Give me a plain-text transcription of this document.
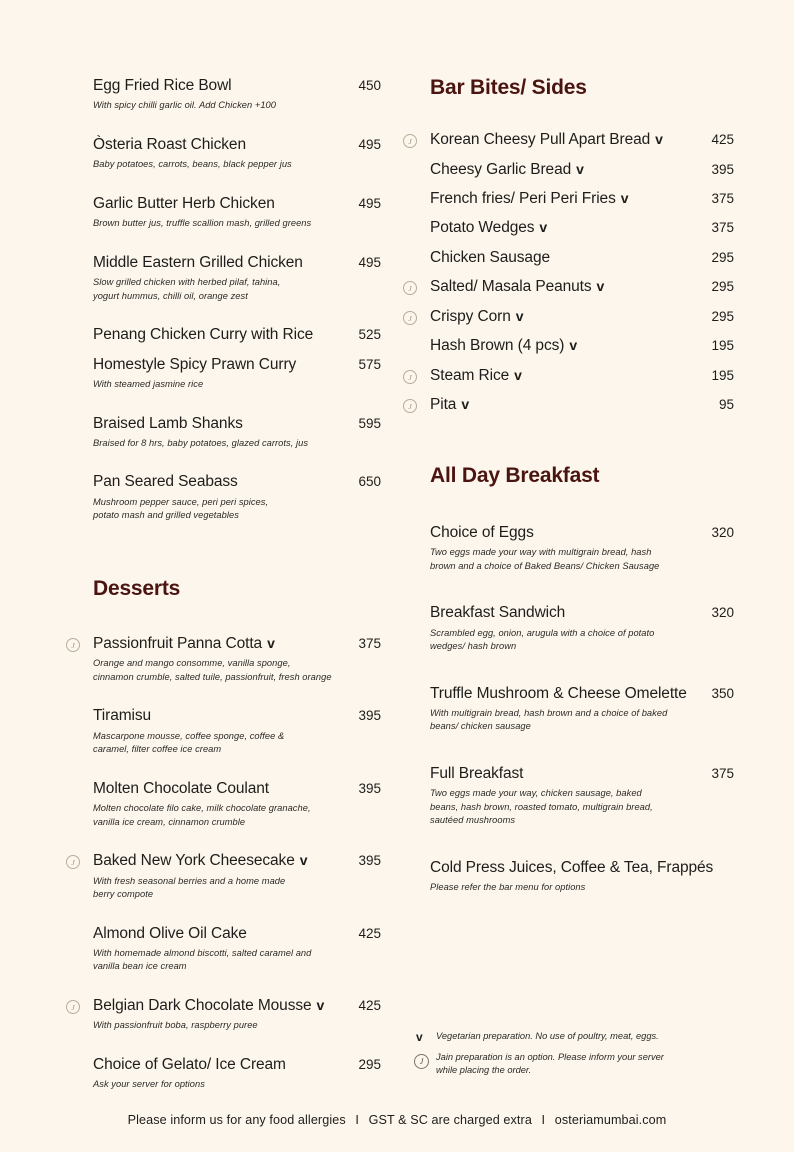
Egg Fried Rice Bowl	450
With spicy chilli garlic oil. Add Chicken +100
Òsteria Roast Chicken	495
Baby potatoes, carrots, beans, black pepper jus
Garlic Butter Herb Chicken	495
Brown butter jus, truffle scallion mash, grilled greens
Middle Eastern Grilled Chicken	495
Slow grilled chicken with herbed pilaf, tahina,
yogurt hummus, chilli oil, orange zest
Penang Chicken Curry with Rice	525
Homestyle Spicy Prawn Curry	575
With steamed jasmine rice
Braised Lamb Shanks	595
Braised for 8 hrs, baby potatoes, glazed carrots, jus
Pan Seared Seabass	650
Mushroom pepper sauce, peri peri spices,
potato mash and grilled vegetables
Desserts
J	Passionfruit Panna Cotta v	375
Orange and mango consomme, vanilla sponge,
cinnamon crumble, salted tuile, passionfruit, fresh orange
Tiramisu	395
Mascarpone mousse, coffee sponge, coffee &
caramel, filter coffee ice cream
Molten Chocolate Coulant	395
Molten chocolate filo cake, milk chocolate granache,
vanilla ice cream, cinnamon crumble
J	Baked New York Cheesecake v	395
With fresh seasonal berries and a home made
berry compote
Almond Olive Oil Cake	425
With homemade almond biscotti, salted caramel and
vanilla bean ice cream
J	Belgian Dark Chocolate Mousse v	425
With passionfruit boba, raspberry puree
Choice of Gelato/ Ice Cream	295
Ask your server for options
Bar Bites/ Sides
J	Korean Cheesy Pull Apart Bread v	425
Cheesy Garlic Bread v	395
French fries/ Peri Peri Fries v	375
Potato Wedges v	375
Chicken Sausage	295
J	Salted/ Masala Peanuts v	295
J	Crispy Corn v	295
Hash Brown (4 pcs) v	195
J	Steam Rice v	195
J	Pita v	95
All Day Breakfast
Choice of Eggs	320
Two eggs made your way with multigrain bread, hash
brown and a choice of Baked Beans/ Chicken Sausage
Breakfast Sandwich	320
Scrambled egg, onion, arugula with a choice of potato
wedges/ hash brown
Truffle Mushroom & Cheese Omelette	350
With multigrain bread, hash brown and a choice of baked
beans/ chicken sausage
Full Breakfast	375
Two eggs made your way, chicken sausage, baked
beans, hash brown, roasted tomato, multigrain bread,
sautéed mushrooms
Cold Press Juices, Coffee & Tea, Frappés
Please refer the bar menu for options
v	Vegetarian preparation. No use of poultry, meat, eggs.
J	Jain preparation is an option. Please inform your server
while placing the order.
Please inform us for any food allergies I GST & SC are charged extra I osteriamumbai.com
